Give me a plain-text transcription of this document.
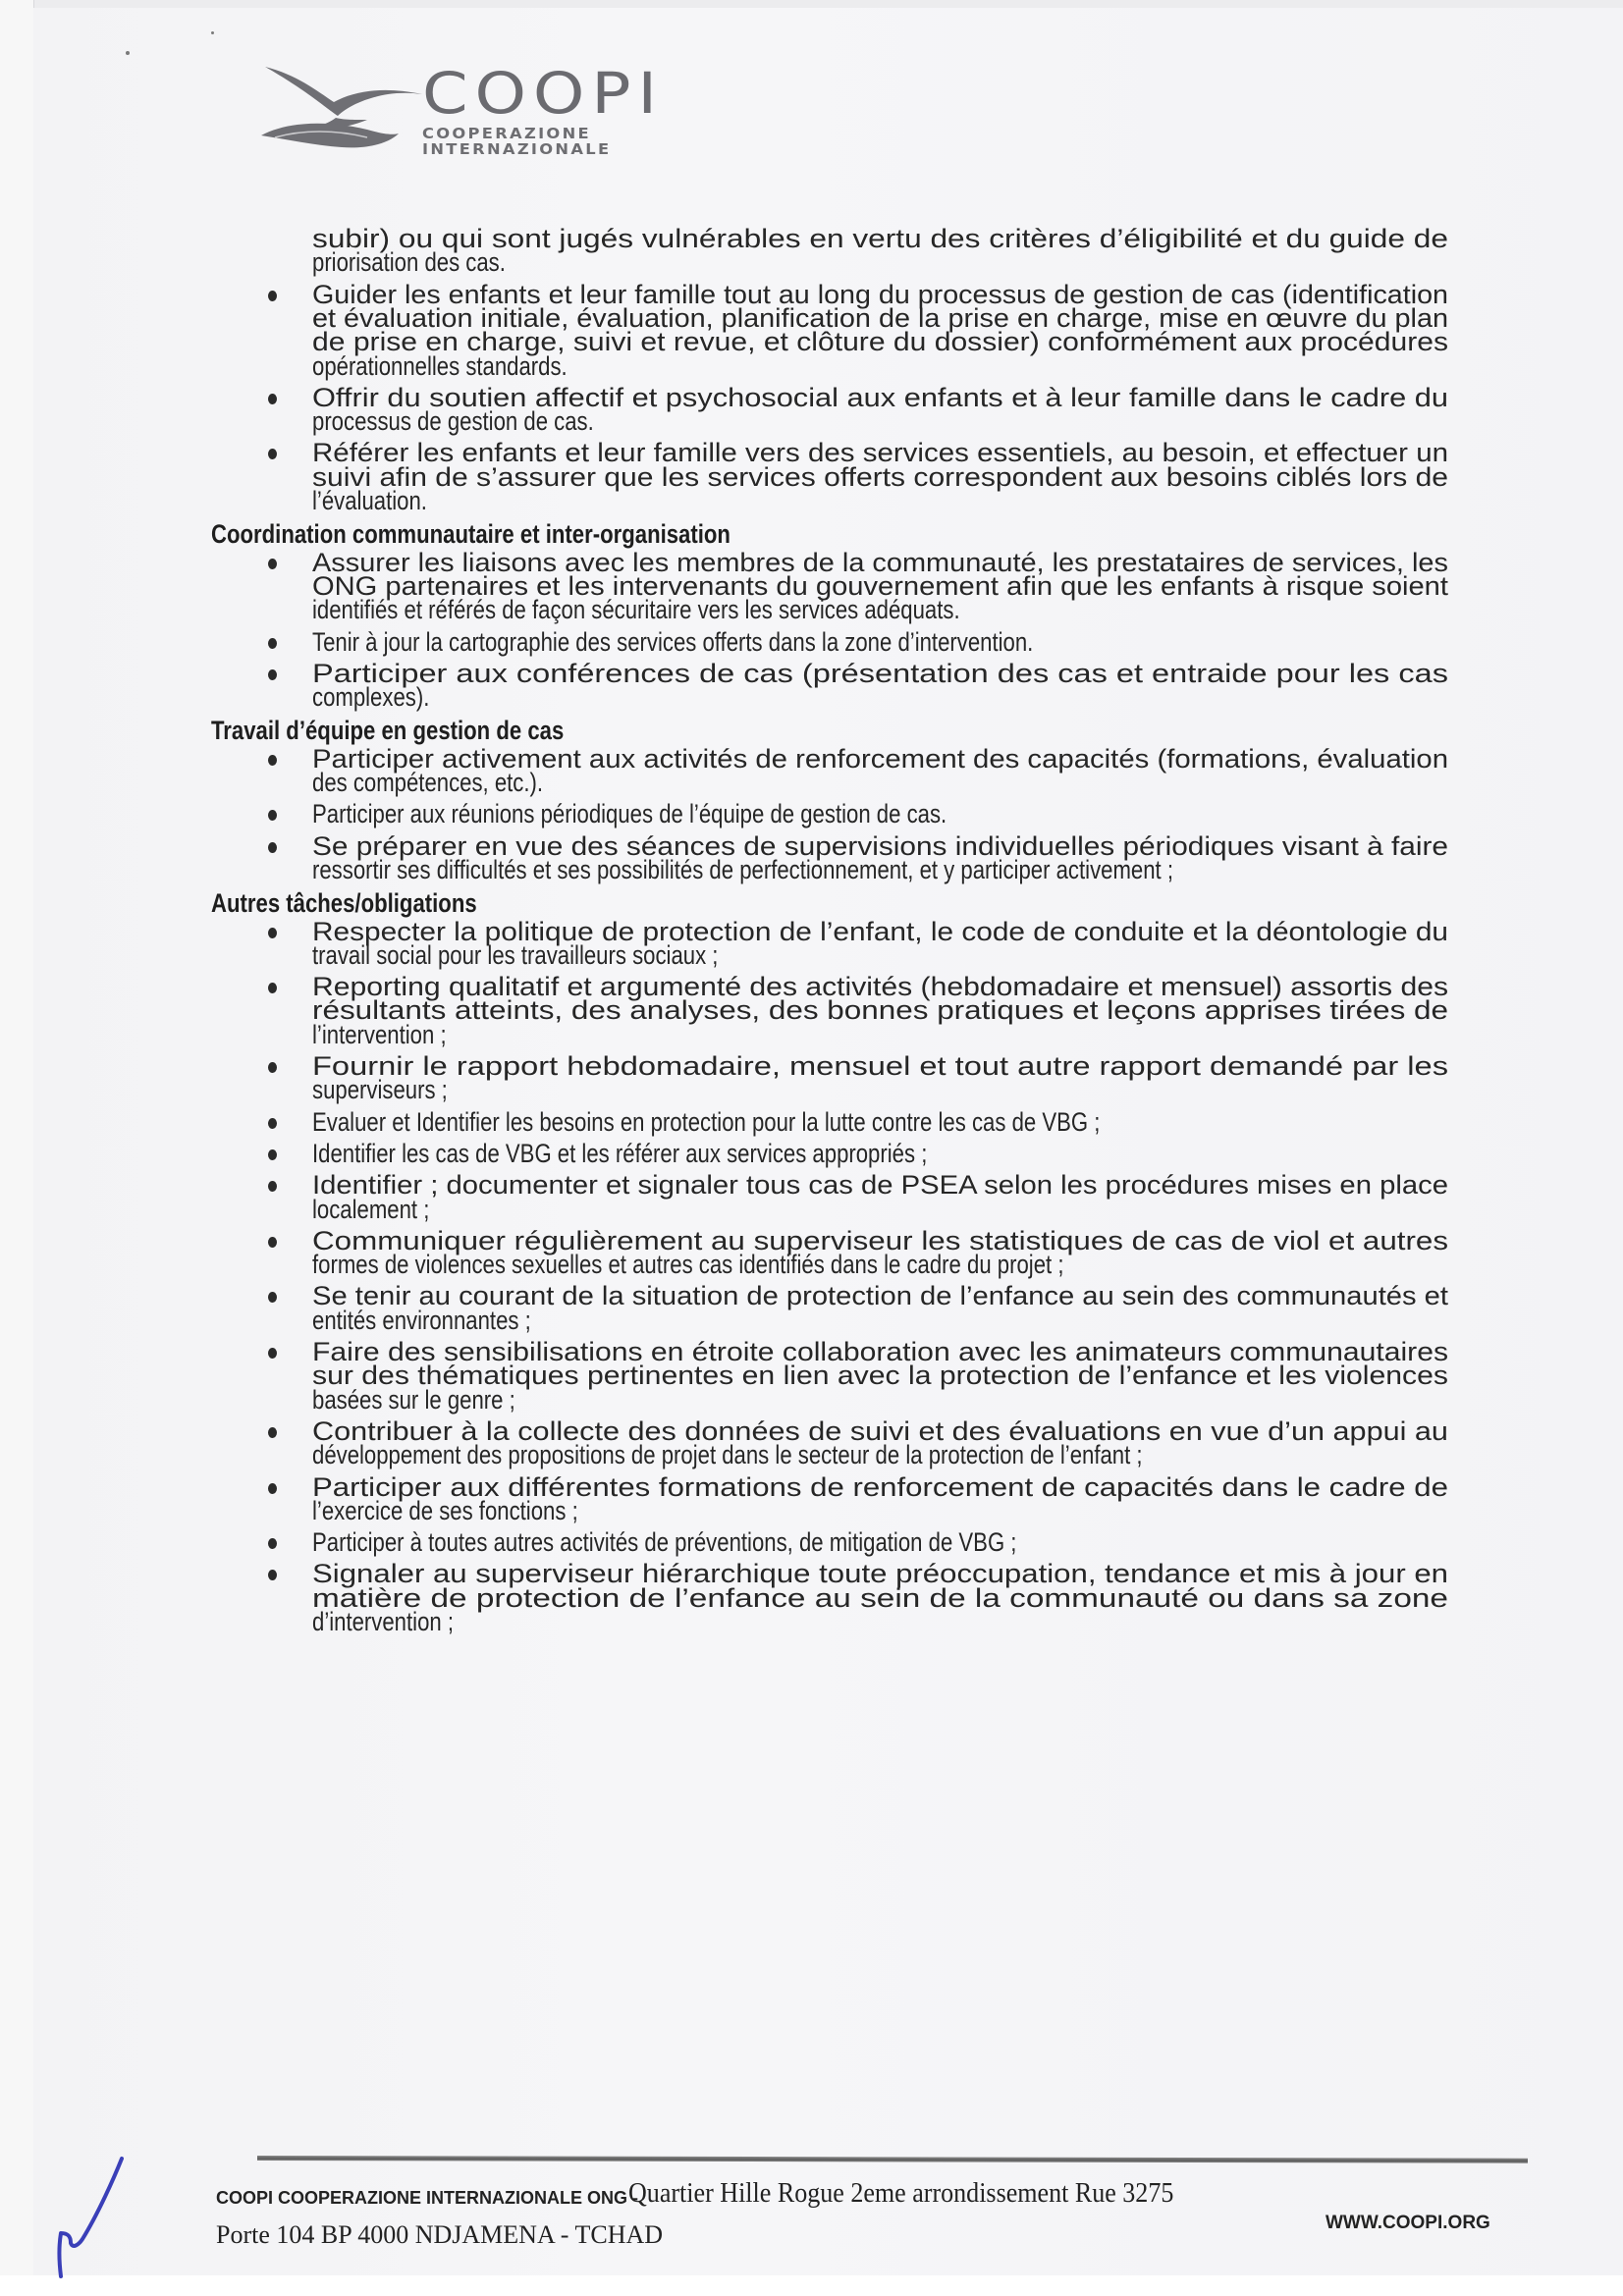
COOPI
COOPERAZIONE
INTERNAZIONALE
subir) ou qui sont jugés vulnérables en vertu des critères d’éligibilité et du guide de
priorisation des cas.
Guider les enfants et leur famille tout au long du processus de gestion de cas (identification
et évaluation initiale, évaluation, planification de la prise en charge, mise en œuvre du plan
de prise en charge, suivi et revue, et clôture du dossier) conformément aux procédures
opérationnelles standards.
Offrir du soutien affectif et psychosocial aux enfants et à leur famille dans le cadre du
processus de gestion de cas.
Référer les enfants et leur famille vers des services essentiels, au besoin, et effectuer un
suivi afin de s’assurer que les services offerts correspondent aux besoins ciblés lors de
l’évaluation.
Coordination communautaire et inter-organisation
Assurer les liaisons avec les membres de la communauté, les prestataires de services, les
ONG partenaires et les intervenants du gouvernement afin que les enfants à risque soient
identifiés et référés de façon sécuritaire vers les services adéquats.
Tenir à jour la cartographie des services offerts dans la zone d’intervention.
Participer aux conférences de cas (présentation des cas et entraide pour les cas
complexes).
Travail d’équipe en gestion de cas
Participer activement aux activités de renforcement des capacités (formations, évaluation
des compétences, etc.).
Participer aux réunions périodiques de l’équipe de gestion de cas.
Se préparer en vue des séances de supervisions individuelles périodiques visant à faire
ressortir ses difficultés et ses possibilités de perfectionnement, et y participer activement ;
Autres tâches/obligations
Respecter la politique de protection de l’enfant, le code de conduite et la déontologie du
travail social pour les travailleurs sociaux ;
Reporting qualitatif et argumenté des activités (hebdomadaire et mensuel) assortis des
résultants atteints, des analyses, des bonnes pratiques et leçons apprises tirées de
l’intervention ;
Fournir le rapport hebdomadaire, mensuel et tout autre rapport demandé par les
superviseurs ;
Evaluer et Identifier les besoins en protection pour la lutte contre les cas de VBG ;
Identifier les cas de VBG et les référer aux services appropriés ;
Identifier ; documenter et signaler tous cas de PSEA selon les procédures mises en place
localement ;
Communiquer régulièrement au superviseur les statistiques de cas de viol et autres
formes de violences sexuelles et autres cas identifiés dans le cadre du projet ;
Se tenir au courant de la situation de protection de l’enfance au sein des communautés et
entités environnantes ;
Faire des sensibilisations en étroite collaboration avec les animateurs communautaires
sur des thématiques pertinentes en lien avec la protection de l’enfance et les violences
basées sur le genre ;
Contribuer à la collecte des données de suivi et des évaluations en vue d’un appui au
développement des propositions de projet dans le secteur de la protection de l’enfant ;
Participer aux différentes formations de renforcement de capacités dans le cadre de
l’exercice de ses fonctions ;
Participer à toutes autres activités de préventions, de mitigation de VBG ;
Signaler au superviseur hiérarchique toute préoccupation, tendance et mis à jour en
matière de protection de l’enfance au sein de la communauté ou dans sa zone
d’intervention ;
COOPI COOPERAZIONE INTERNAZIONALE ONG -
Quartier Hille Rogue 2eme arrondissement Rue 3275
Porte 104 BP 4000 NDJAMENA - TCHAD	WWW.COOPI.ORG
